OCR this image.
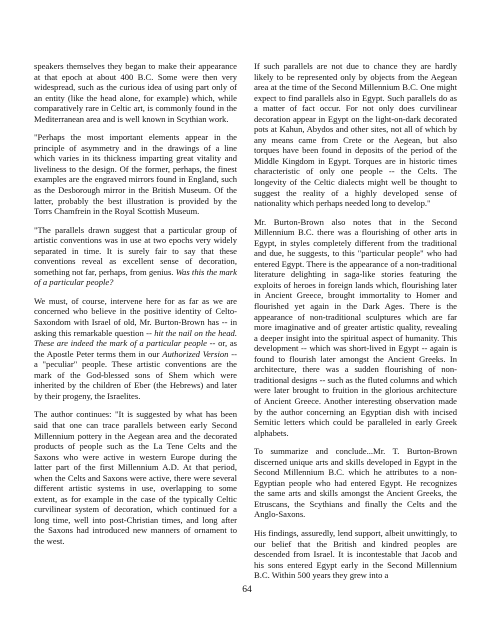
speakers themselves they began to make their appearance at that epoch at about 400 B.C. Some were then very widespread, such as the curious idea of using part only of an entity (like the head alone, for example) which, while comparatively rare in Celtic art, is commonly found in the Mediterranean area and is well known in Scythian work.

"Perhaps the most important elements appear in the principle of asymmetry and in the drawings of a line which varies in its thickness imparting great vitality and liveliness to the design. Of the former, perhaps, the finest examples are the engraved mirrors found in England, such as the Desborough mirror in the British Museum. Of the latter, probably the best illustration is provided by the Torrs Chamfrein in the Royal Scottish Museum.

"The parallels drawn suggest that a particular group of artistic conventions was in use at two epochs very widely separated in time. It is surely fair to say that these conventions reveal as excellent sense of decoration, something not far, perhaps, from genius. Was this the mark of a particular people?

We must, of course, intervene here for as far as we are concerned who believe in the positive identity of Celto-Saxondom with Israel of old, Mr. Burton-Brown has -- in asking this remarkable question -- hit the nail on the head. These are indeed the mark of a particular people -- or, as the Apostle Peter terms them in our Authorized Version -- a "peculiar" people. These artistic conventions are the mark of the God-blessed sons of Shem which were inherited by the children of Eber (the Hebrews) and later by their progeny, the Israelites.

The author continues: "It is suggested by what has been said that one can trace parallels between early Second Millennium pottery in the Aegean area and the decorated products of people such as the La Tene Celts and the Saxons who were active in western Europe during the latter part of the first Millennium A.D. At that period, when the Celts and Saxons were active, there were several different artistic systems in use, overlapping to some extent, as for example in the case of the typically Celtic curvilinear system of decoration, which continued for a long time, well into post-Christian times, and long after the Saxons had introduced new manners of ornament to the west.

If such parallels are not due to chance they are hardly likely to be represented only by objects from the Aegean area at the time of the Second Millennium B.C. One might expect to find parallels also in Egypt. Such parallels do as a matter of fact occur. For not only does curvilinear decoration appear in Egypt on the light-on-dark decorated pots at Kahun, Abydos and other sites, not all of which by any means came from Crete or the Aegean, but also torques have been found in deposits of the period of the Middle Kingdom in Egypt. Torques are in historic times characteristic of only one people -- the Celts. The longevity of the Celtic dialects might well be thought to suggest the reality of a highly developed sense of nationality which perhaps needed long to develop."

Mr. Burton-Brown also notes that in the Second Millennium B.C. there was a flourishing of other arts in Egypt, in styles completely different from the traditional and due, he suggests, to this "particular people" who had entered Egypt. There is the appearance of a non-traditional literature delighting in saga-like stories featuring the exploits of heroes in foreign lands which, flourishing later in Ancient Greece, brought immortality to Homer and flourished yet again in the Dark Ages. There is the appearance of non-traditional sculptures which are far more imaginative and of greater artistic quality, revealing a deeper insight into the spiritual aspect of humanity. This development -- which was short-lived in Egypt -- again is found to flourish later amongst the Ancient Greeks. In architecture, there was a sudden flourishing of non-traditional designs -- such as the fluted columns and which were later brought to fruition in the glorious architecture of Ancient Greece. Another interesting observation made by the author concerning an Egyptian dish with incised Semitic letters which could be paralleled in early Greek alphabets.

To summarize and conclude...Mr. T. Burton-Brown discerned unique arts and skills developed in Egypt in the Second Millennium B.C. which he attributes to a non-Egyptian people who had entered Egypt. He recognizes the same arts and skills amongst the Ancient Greeks, the Etruscans, the Scythians and finally the Celts and the Anglo-Saxons.

His findings, assuredly, lend support, albeit unwittingly, to our belief that the British and kindred peoples are descended from Israel. It is incontestable that Jacob and his sons entered Egypt early in the Second Millennium B.C. Within 500 years they grew into a

64
